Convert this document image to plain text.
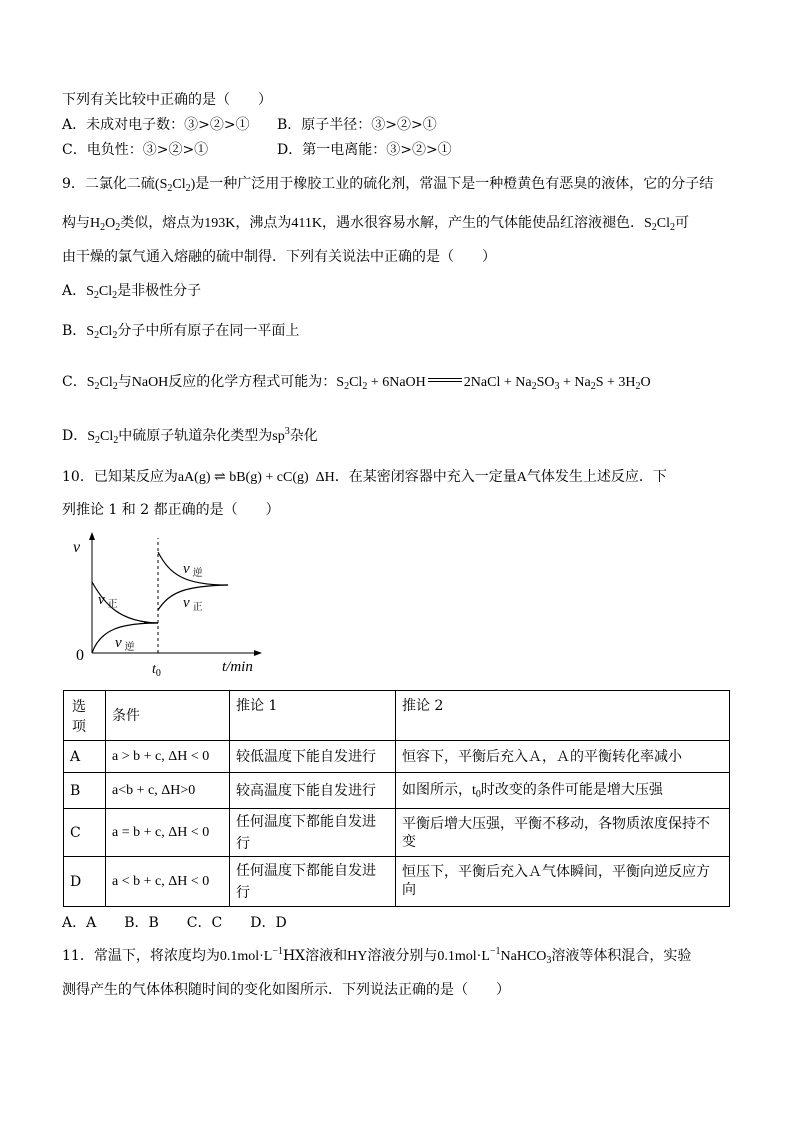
下列有关比较中正确的是（　　）
A．未成对电子数：③>②>① B．原子半径：③>②>①
C．电负性：③>②>①	D．第一电离能：③>②>①
9．二氯化二硫$(S_2Cl_2)$是一种广泛用于橡胶工业的硫化剂，常温下是一种橙黄色有恶臭的液体，它的分子结
构与$H_2O_2$类似，熔点为193K，沸点为411K，遇水很容易水解，产生的气体能使品红溶液褪色．$S_2Cl_2$可
由干燥的氯气通入熔融的硫中制得．下列有关说法中正确的是（　　）
A．$S_2Cl_2$是非极性分子
B．$S_2Cl_2$分子中所有原子在同一平面上
C．$S_2Cl_2$与NaOH反应的化学方程式可能为：$S_2Cl_2$ + 6NaOH	2NaCl + $Na_2SO_3 + Na_2S + 3H_2O$
D．$S_2Cl_2$中硫原子轨道杂化类型为$sp^3$杂化
10．已知某反应为aA(g) ⇌ bB(g) + cC(g)  ΔH．在某密闭容器中充入一定量A气体发生上述反应．下
列推论 1 和 2 都正确的是（　　）
v
0
$t_0$	t/min
v $_正$
v $_逆$
v $_逆$
v $_正$
选项	条件	推论 1	推论 2
A	a > b + c, ΔH < 0	较低温度下能自发进行	恒容下，平衡后充入Ａ，Ａ的平衡转化率减小
B	a<b + c, ΔH>0	较高温度下能自发进行	如图所示，$t_0$时改变的条件可能是增大压强
C	a = b + c, ΔH < 0	任何温度下都能自发进行	平衡后增大压强，平衡不移动，各物质浓度保持不变
D	a < b + c, ΔH < 0	任何温度下都能自发进行	恒压下，平衡后充入Ａ气体瞬间，平衡向逆反应方向
A．A　　B．B　　C．C　　D．D
11．常温下，将浓度均为$0.1mol\cdot L^{-1}HX$溶液和HY溶液分别与$0.1mol\cdot L^{-1}NaHCO_3$溶液等体积混合，实验
测得产生的气体体积随时间的变化如图所示．下列说法正确的是（　　）
